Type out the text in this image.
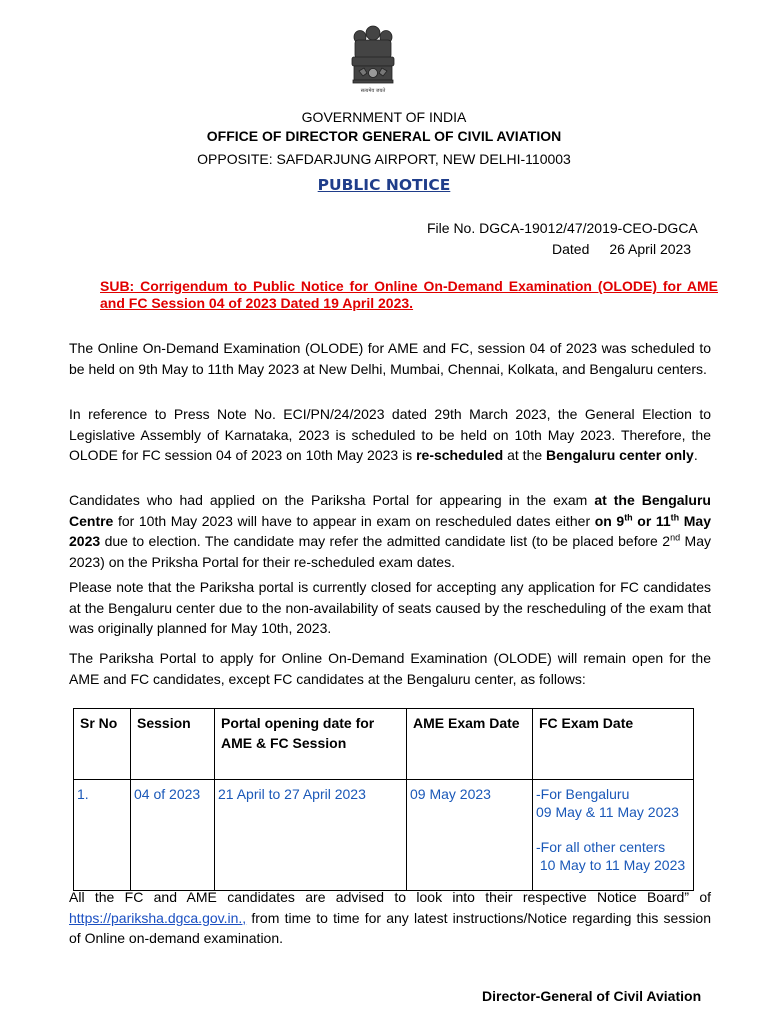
सत्यमेव जयते
GOVERNMENT OF INDIA
OFFICE OF DIRECTOR GENERAL OF CIVIL AVIATION
OPPOSITE: SAFDARJUNG AIRPORT, NEW DELHI-110003
PUBLIC NOTICE
File No. DGCA-19012/47/2019-CEO-DGCA
Dated 26 April 2023
SUB: Corrigendum to Public Notice for Online On-Demand Examination (OLODE) for AME and FC Session 04 of 2023 Dated 19 April 2023.
The Online On-Demand Examination (OLODE) for AME and FC, session 04 of 2023 was scheduled to be held on 9th May to 11th May 2023 at New Delhi, Mumbai, Chennai, Kolkata, and Bengaluru centers.
In reference to Press Note No. ECI/PN/24/2023 dated 29th March 2023, the General Election to Legislative Assembly of Karnataka, 2023 is scheduled to be held on 10th May 2023. Therefore, the OLODE for FC session 04 of 2023 on 10th May 2023 is re-scheduled at the Bengaluru center only.
Candidates who had applied on the Pariksha Portal for appearing in the exam at the Bengaluru Centre for 10th May 2023 will have to appear in exam on rescheduled dates either on 9th or 11th May 2023 due to election. The candidate may refer the admitted candidate list (to be placed before 2nd May 2023) on the Priksha Portal for their re-scheduled exam dates.
Please note that the Pariksha portal is currently closed for accepting any application for FC candidates at the Bengaluru center due to the non-availability of seats caused by the rescheduling of the exam that was originally planned for May 10th, 2023.
The Pariksha Portal to apply for Online On-Demand Examination (OLODE) will remain open for the AME and FC candidates, except FC candidates at the Bengaluru center, as follows:
Sr No	Session	Portal opening date for AME & FC Session	AME Exam Date	FC Exam Date
1.	04 of 2023	21 April to 27 April 2023	09 May 2023	-For Bengaluru
09 May & 11 May 2023
-For all other centers
10 May to 11 May 2023
All the FC and AME candidates are advised to look into their respective Notice Board” of https://pariksha.dgca.gov.in., from time to time for any latest instructions/Notice regarding this session of Online on-demand examination.
Director-General of Civil Aviation
